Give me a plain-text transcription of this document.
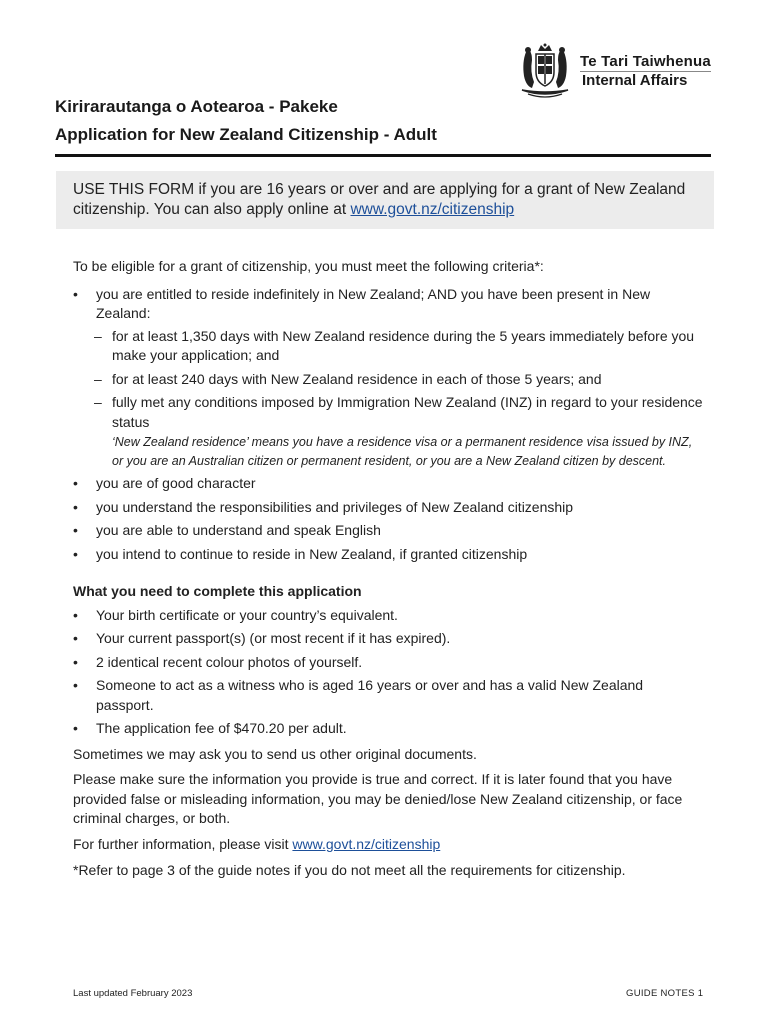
Te Tari Taiwhenua
Internal Affairs
Kirirarautanga o Aotearoa - Pakeke
Application for New Zealand Citizenship - Adult
USE THIS FORM if you are 16 years or over and are applying for a grant of New Zealand citizenship. You can also apply online at www.govt.nz/citizenship

To be eligible for a grant of citizenship, you must meet the following criteria*:

• you are entitled to reside indefinitely in New Zealand; AND you have been present in New Zealand:
– for at least 1,350 days with New Zealand residence during the 5 years immediately before you make your application; and
– for at least 240 days with New Zealand residence in each of those 5 years; and
– fully met any conditions imposed by Immigration New Zealand (INZ) in regard to your residence status
‘New Zealand residence’ means you have a residence visa or a permanent residence visa issued by INZ, or you are an Australian citizen or permanent resident, or you are a New Zealand citizen by descent.
• you are of good character
• you understand the responsibilities and privileges of New Zealand citizenship
• you are able to understand and speak English
• you intend to continue to reside in New Zealand, if granted citizenship

What you need to complete this application

• Your birth certificate or your country’s equivalent.
• Your current passport(s) (or most recent if it has expired).
• 2 identical recent colour photos of yourself.
• Someone to act as a witness who is aged 16 years or over and has a valid New Zealand passport.
• The application fee of $470.20 per adult.

Sometimes we may ask you to send us other original documents.

Please make sure the information you provide is true and correct. If it is later found that you have provided false or misleading information, you may be denied/lose New Zealand citizenship, or face criminal charges, or both.

For further information, please visit www.govt.nz/citizenship

*Refer to page 3 of the guide notes if you do not meet all the requirements for citizenship.

Last updated February 2023	GUIDE NOTES 1
